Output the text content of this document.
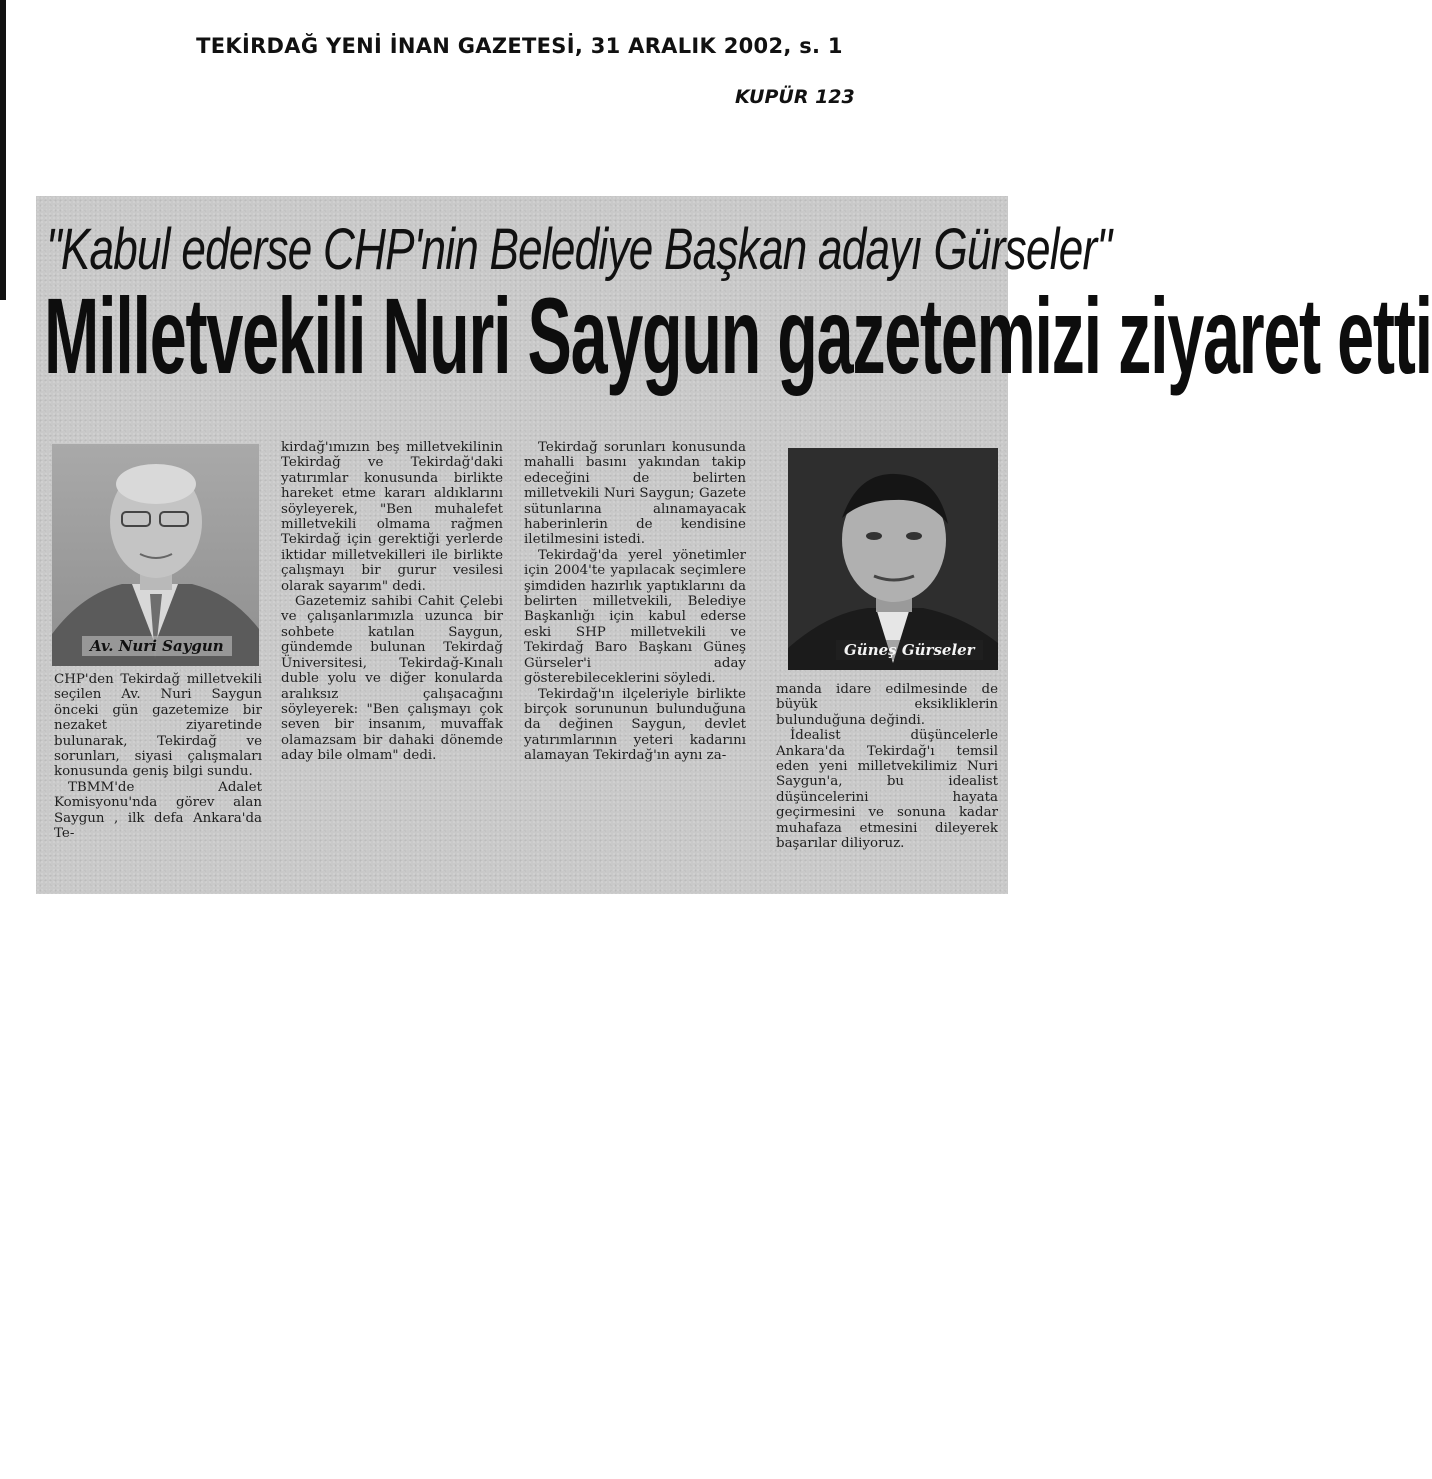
TEKİRDAĞ YENİ İNAN GAZETESİ, 31 ARALIK 2002, s. 1
KUPÜR 123
"Kabul ederse CHP'nin Belediye Başkan adayı Gürseler"
Milletvekili Nuri Saygun gazetemizi ziyaret etti
Av. Nuri Saygun	Güneş Gürseler

CHP'den Tekirdağ milletvekili seçilen Av. Nuri Saygun önceki gün gazetemize bir nezaket ziyaretinde bulunarak, Tekirdağ ve sorunları, siyasi çalışmaları konusunda geniş bilgi sundu.

TBMM'de Adalet Komisyonu'nda görev alan Saygun , ilk defa Ankara'da Te-

kirdağ'ımızın beş milletvekilinin Tekirdağ ve Tekirdağ'daki yatırımlar konusunda birlikte hareket etme kararı aldıklarını söyleyerek, "Ben muhalefet milletvekili olmama rağmen Tekirdağ için gerektiği yerlerde iktidar milletvekilleri ile birlikte çalışmayı bir gurur vesilesi olarak sayarım" dedi.

Gazetemiz sahibi Cahit Çelebi ve çalışanlarımızla uzunca bir sohbete katılan Saygun, gündemde bulunan Tekirdağ Üniversitesi, Tekirdağ-Kınalı duble yolu ve diğer konularda aralıksız çalışacağını söyleyerek: "Ben çalışmayı çok seven bir insanım, muvaffak olamazsam bir dahaki dönemde aday bile olmam" dedi.

Tekirdağ sorunları konusunda mahalli basını yakından takip edeceğini de belirten milletvekili Nuri Saygun; Gazete sütunlarına alınamayacak haberinlerin de kendisine iletilmesini istedi.

Tekirdağ'da yerel yönetimler için 2004'te yapılacak seçimlere şimdiden hazırlık yaptıklarını da belirten milletvekili, Belediye Başkanlığı için kabul ederse eski SHP milletvekili ve Tekirdağ Baro Başkanı Güneş Gürseler'i aday gösterebileceklerini söyledi.

Tekirdağ'ın ilçeleriyle birlikte birçok sorununun bulunduğuna da değinen Saygun, devlet yatırımlarının yeteri kadarını alamayan Tekirdağ'ın aynı za-

manda idare edilmesinde de büyük eksikliklerin bulunduğuna değindi.

İdealist düşüncelerle Ankara'da Tekirdağ'ı temsil eden yeni milletvekilimiz Nuri Saygun'a, bu idealist düşüncelerini hayata geçirmesini ve sonuna kadar muhafaza etmesini dileyerek başarılar diliyoruz.
